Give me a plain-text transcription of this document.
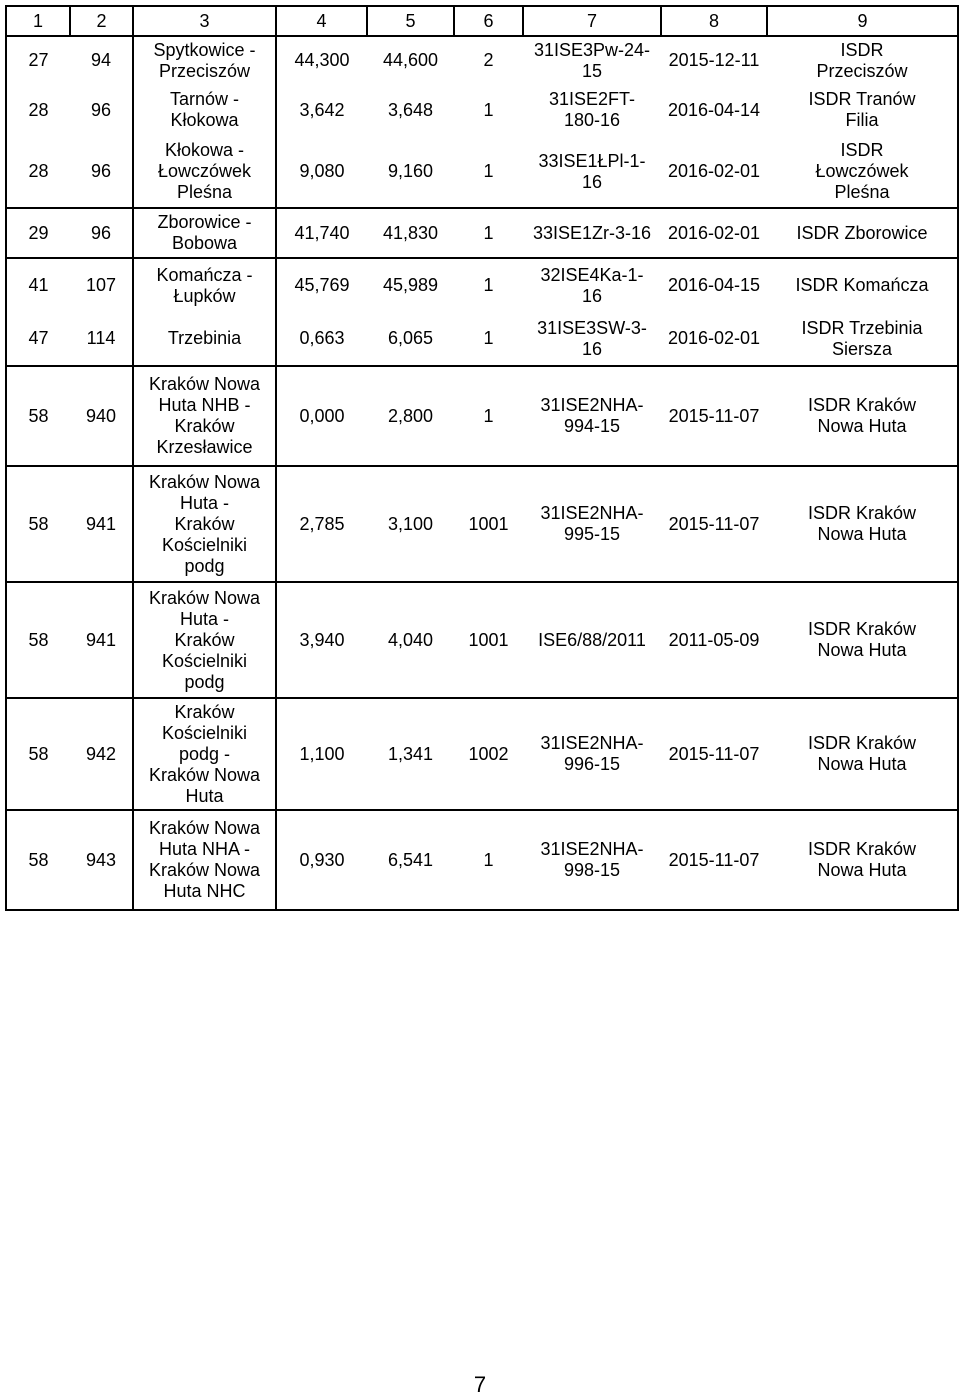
1	2	3	4	5	6	7	8	9
27	94	Spytkowice -
Przeciszów	44,300	44,600	2	31ISE3Pw-24-
15	2015-12-11	ISDR
Przeciszów
28	96	Tarnów -
Kłokowa	3,642	3,648	1	31ISE2FT-
180-16	2016-04-14	ISDR Tranów
Filia
28	96	Kłokowa -
Łowczówek
Pleśna	9,080	9,160	1	33ISE1ŁPl-1-
16	2016-02-01	ISDR
Łowczówek
Pleśna
29	96	Zborowice -
Bobowa	41,740	41,830	1	33ISE1Zr-3-16	2016-02-01	ISDR Zborowice
41	107	Komańcza -
Łupków	45,769	45,989	1	32ISE4Ka-1-
16	2016-04-15	ISDR Komańcza
47	114	Trzebinia	0,663	6,065	1	31ISE3SW-3-
16	2016-02-01	ISDR Trzebinia
Siersza
58	940	Kraków Nowa
Huta NHB -
Kraków
Krzesławice	0,000	2,800	1	31ISE2NHA-
994-15	2015-11-07	ISDR Kraków
Nowa Huta
58	941	Kraków Nowa
Huta -
Kraków
Kościelniki
podg	2,785	3,100	1001	31ISE2NHA-
995-15	2015-11-07	ISDR Kraków
Nowa Huta
58	941	Kraków Nowa
Huta -
Kraków
Kościelniki
podg	3,940	4,040	1001	ISE6/88/2011	2011-05-09	ISDR Kraków
Nowa Huta
58	942	Kraków
Kościelniki
podg -
Kraków Nowa
Huta	1,100	1,341	1002	31ISE2NHA-
996-15	2015-11-07	ISDR Kraków
Nowa Huta
58	943	Kraków Nowa
Huta NHA -
Kraków Nowa
Huta NHC	0,930	6,541	1	31ISE2NHA-
998-15	2015-11-07	ISDR Kraków
Nowa Huta
7
